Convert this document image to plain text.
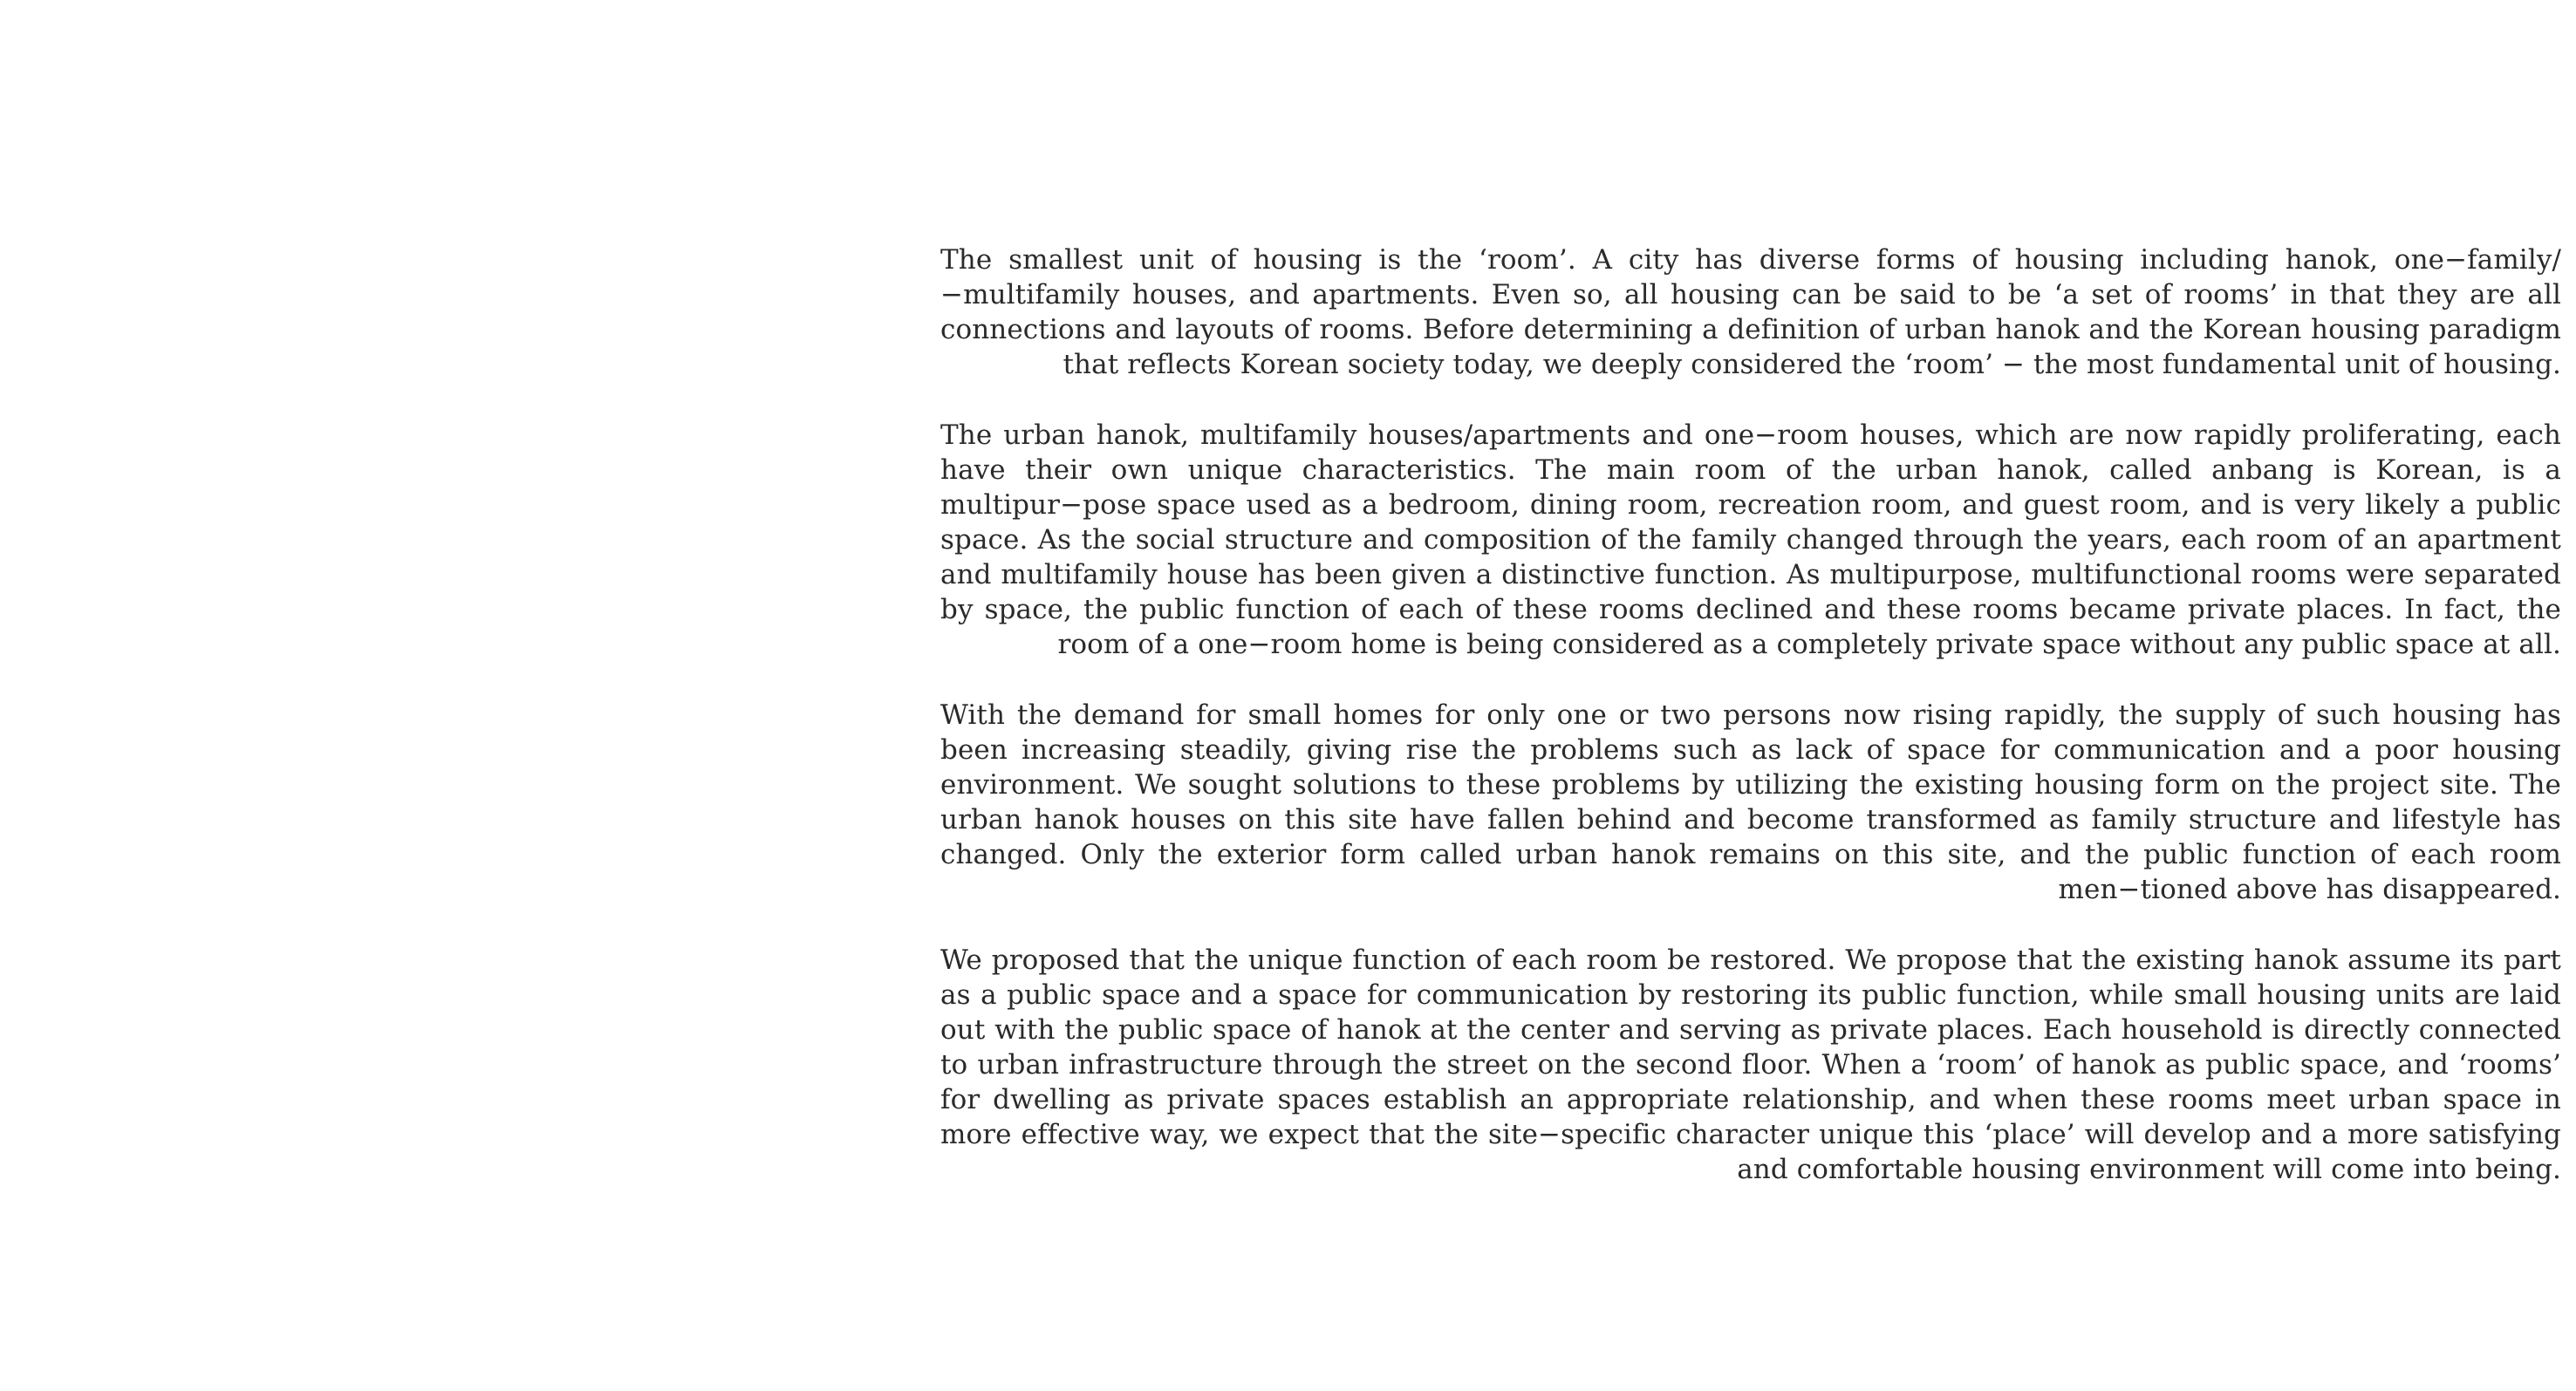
The smallest unit of housing is the ‘room’. A city has diverse forms of housing including hanok, one−family/−multifamily houses, and apartments. Even so, all housing can be said to be ‘a set of rooms’ in that they are all connections and layouts of rooms. Before determining a definition of urban hanok and the Korean housing paradigm that reflects Korean society today, we deeply considered the ‘room’ − the most fundamental unit of housing.

The urban hanok, multifamily houses/apartments and one−room houses, which are now rapidly proliferating, each have their own unique characteristics. The main room of the urban hanok, called anbang is Korean, is a multipur−pose space used as a bedroom, dining room, recreation room, and guest room, and is very likely a public space. As the social structure and composition of the family changed through the years, each room of an apartment and multifamily house has been given a distinctive function. As multipurpose, multifunctional rooms were separated by space, the public function of each of these rooms declined and these rooms became private places. In fact, the room of a one−room home is being considered as a completely private space without any public space at all.

With the demand for small homes for only one or two persons now rising rapidly, the supply of such housing has been increasing steadily, giving rise the problems such as lack of space for communication and a poor housing environment. We sought solutions to these problems by utilizing the existing housing form on the project site. The urban hanok houses on this site have fallen behind and become transformed as family structure and lifestyle has changed. Only the exterior form called urban hanok remains on this site, and the public function of each room men−tioned above has disappeared.

We proposed that the unique function of each room be restored. We propose that the existing hanok assume its part as a public space and a space for communication by restoring its public function, while small housing units are laid out with the public space of hanok at the center and serving as private places. Each household is directly connected to urban infrastructure through the street on the second floor. When a ‘room’ of hanok as public space, and ‘rooms’ for dwelling as private spaces establish an appropriate relationship, and when these rooms meet urban space in more effective way, we expect that the site−specific character unique this ‘place’ will develop and a more satisfying and comfortable housing environment will come into being.
